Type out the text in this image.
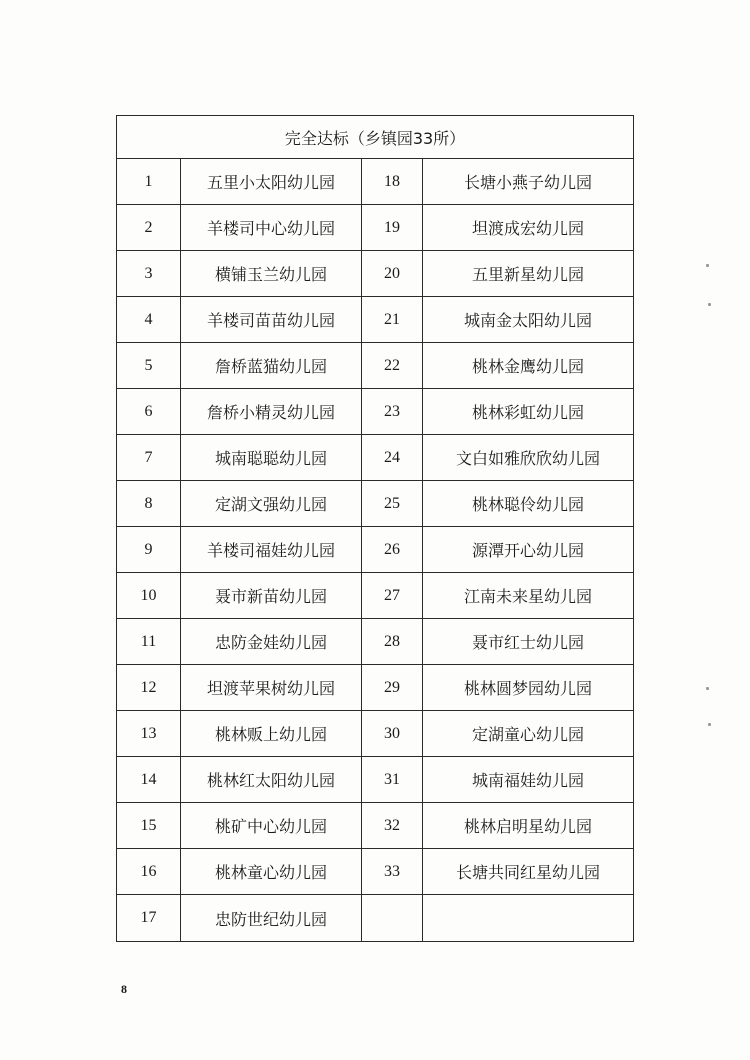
完全达标（乡镇园33所）			
1	五里小太阳幼儿园	18	长塘小燕子幼儿园
2	羊楼司中心幼儿园	19	坦渡成宏幼儿园
3	横铺玉兰幼儿园	20	五里新星幼儿园
4	羊楼司苗苗幼儿园	21	城南金太阳幼儿园
5	詹桥蓝猫幼儿园	22	桃林金鹰幼儿园
6	詹桥小精灵幼儿园	23	桃林彩虹幼儿园
7	城南聪聪幼儿园	24	文白如雅欣欣幼儿园
8	定湖文强幼儿园	25	桃林聪伶幼儿园
9	羊楼司福娃幼儿园	26	源潭开心幼儿园
10	聂市新苗幼儿园	27	江南未来星幼儿园
11	忠防金娃幼儿园	28	聂市红士幼儿园
12	坦渡苹果树幼儿园	29	桃林圆梦园幼儿园
13	桃林贩上幼儿园	30	定湖童心幼儿园
14	桃林红太阳幼儿园	31	城南福娃幼儿园
15	桃矿中心幼儿园	32	桃林启明星幼儿园
16	桃林童心幼儿园	33	长塘共同红星幼儿园
17	忠防世纪幼儿园		
8
